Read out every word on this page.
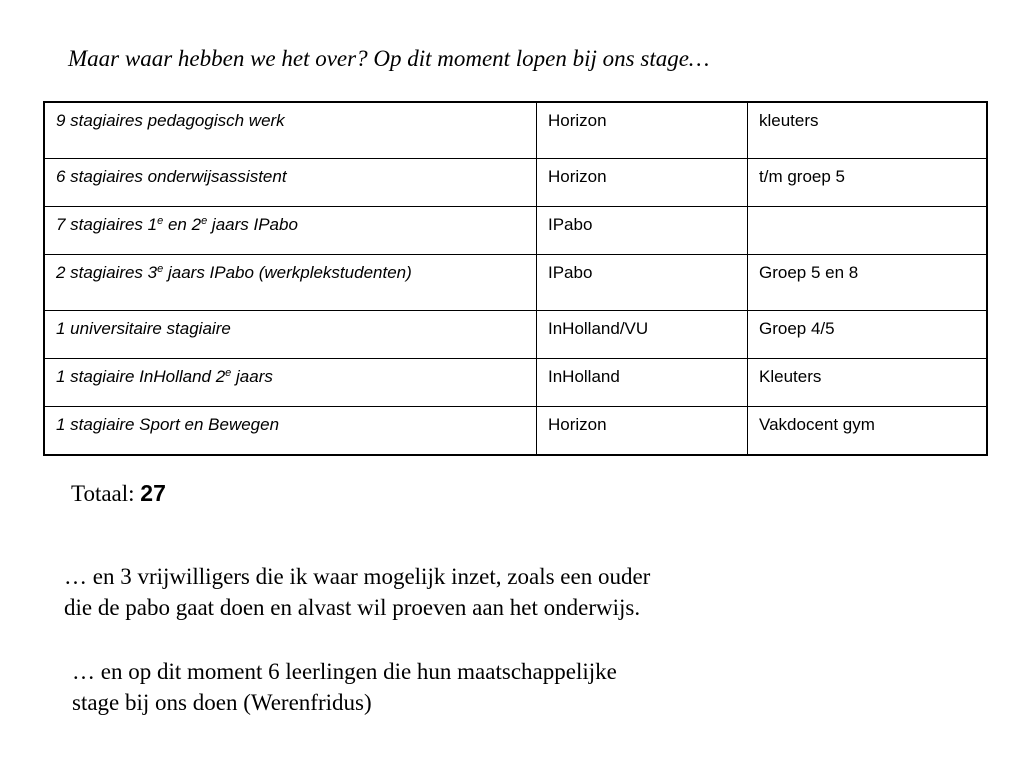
Maar waar hebben we het over? Op dit moment lopen bij ons stage…
9 stagiaires pedagogisch werk	Horizon	kleuters
6 stagiaires onderwijsassistent	Horizon	t/m groep 5
7 stagiaires 1e en 2e jaars IPabo	IPabo	
2 stagiaires 3e jaars IPabo (werkplekstudenten)	IPabo	Groep 5 en 8
1 universitaire stagiaire	InHolland/VU	Groep 4/5
1 stagiaire InHolland 2e jaars	InHolland	Kleuters
1 stagiaire Sport en Bewegen	Horizon	Vakdocent gym
Totaal: 27
… en 3 vrijwilligers die ik waar mogelijk inzet, zoals een ouder
die de pabo gaat doen en alvast wil proeven aan het onderwijs.
… en op dit moment 6 leerlingen die hun maatschappelijke
stage bij ons doen (Werenfridus)
